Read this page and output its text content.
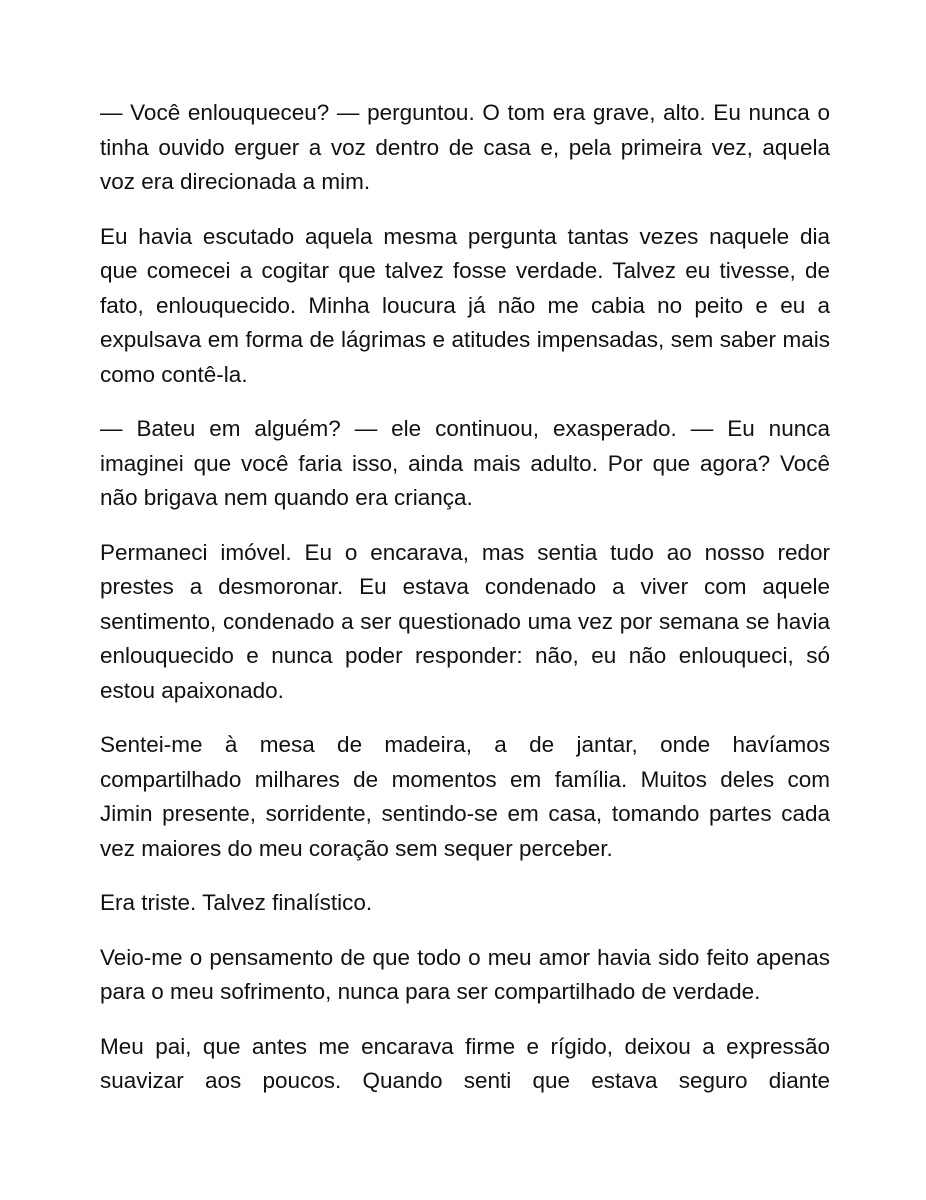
— Você enlouqueceu? — perguntou. O tom era grave, alto. Eu nunca o tinha ouvido erguer a voz dentro de casa e, pela primeira vez, aquela voz era direcionada a mim.

Eu havia escutado aquela mesma pergunta tantas vezes naquele dia que comecei a cogitar que talvez fosse verdade. Talvez eu tivesse, de fato, enlouquecido. Minha loucura já não me cabia no peito e eu a expulsava em forma de lágrimas e atitudes impensadas, sem saber mais como contê-la.

— Bateu em alguém? — ele continuou, exasperado. — Eu nunca imaginei que você faria isso, ainda mais adulto. Por que agora? Você não brigava nem quando era criança.

Permaneci imóvel. Eu o encarava, mas sentia tudo ao nosso redor prestes a desmoronar. Eu estava condenado a viver com aquele sentimento, condenado a ser questionado uma vez por semana se havia enlouquecido e nunca poder responder: não, eu não enlouqueci, só estou apaixonado.

Sentei-me à mesa de madeira, a de jantar, onde havíamos compartilhado milhares de momentos em família. Muitos deles com Jimin presente, sorridente, sentindo-se em casa, tomando partes cada vez maiores do meu coração sem sequer perceber.

Era triste. Talvez finalístico.

Veio-me o pensamento de que todo o meu amor havia sido feito apenas para o meu sofrimento, nunca para ser compartilhado de verdade.

Meu pai, que antes me encarava firme e rígido, deixou a expressão suavizar aos poucos. Quando senti que estava seguro diante
